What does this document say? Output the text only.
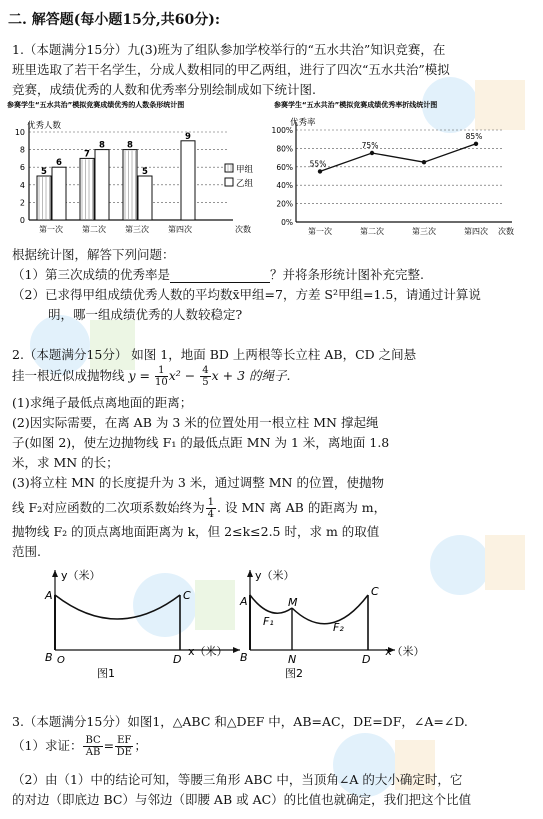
二. 解答题(每小题15分,共60分):
1.（本题满分15分）九(3)班为了组队参加学校举行的“五水共治”知识竞赛，在
班里选取了若干名学生，分成人数相同的甲乙两组，进行了四次“五水共治”模拟
竞赛，成绩优秀的人数和优秀率分别绘制成如下统计图.
参赛学生“五水共治”模拟竞赛成绩优秀的人数条形统计图
优秀人数
0
2
4
6
8
10
5
6
第一次
7
8
第二次
8
5
第三次
9
第四次	次数
甲组
乙组
参赛学生“五水共治”模拟竞赛成绩优秀率折线统计图
优秀率
0%
20%
40%
60%
80%
100%
55%
第一次
75%
第二次	第三次
85%
第四次 次数
根据统计图，解答下列问题：
（1）第三次成绩的优秀率是	？并将条形统计图补充完整.
（2）已求得甲组成绩优秀人数的平均数x̄甲组=7，方差 S²甲组=1.5，请通过计算说
明，哪一组成绩优秀的人数较稳定?
2.（本题满分15分） 如图 1，地面 BD 上两根等长立柱 AB，CD 之间悬
挂一根近似成抛物线 $y = \frac{1}{10} x^2 - \frac{4}{5}$ x + 3 的绳子.
(1)求绳子最低点离地面的距离；
(2)因实际需要，在离 AB 为 3 米的位置处用一根立柱 MN 撑起绳
子(如图 2)，使左边抛物线 F₁ 的最低点距 MN 为 1 米，离地面 1.8
米，求 MN 的长；
(3)将立柱 MN 的长度提升为 3 米，通过调整 MN 的位置，使抛物
线 F₂对应函数的二次项系数始终为 $\frac{1}{4}$ . 设 MN 离 AB 的距离为 m，
抛物线 F₂ 的顶点离地面距离为 k，但 2≤k≤2.5 时，求 m 的取值
范围.
y（米）
x（米）
A
B
C
D
O
图1
y（米）
x（米）
A
B
M
N
C
D
F₁	F₂
图2
3.（本题满分15分）如图1，△ABC 和△DEF 中，AB=AC，DE=DF，∠A=∠D.
（1）求证： $\frac{BC}{AB} = \frac{EF}{DE}$ ；
（2）由（1）中的结论可知，等腰三角形 ABC 中，当顶角∠A 的大小确定时，它
的对边（即底边 BC）与邻边（即腰 AB 或 AC）的比值也就确定，我们把这个比值
